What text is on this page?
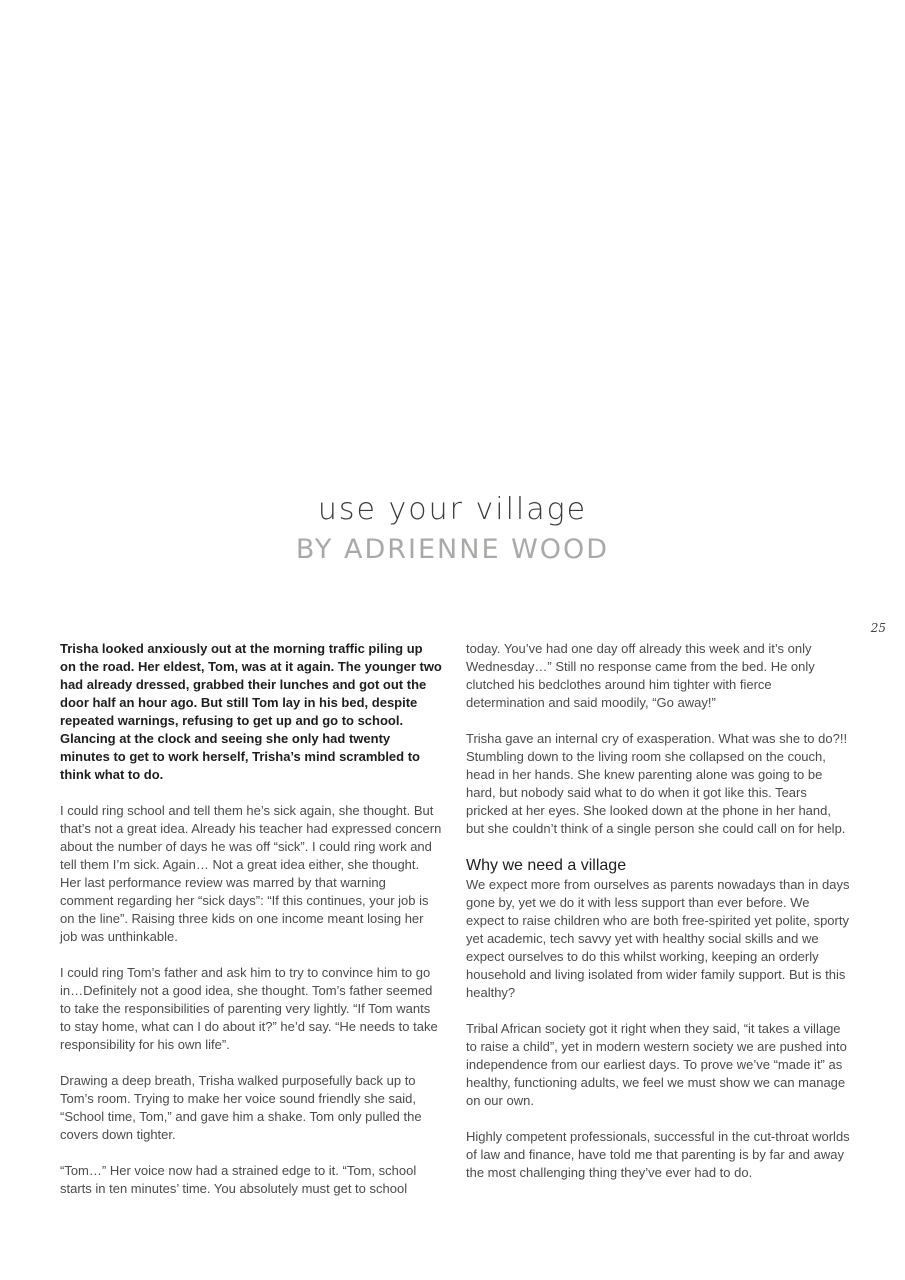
use your village
BY ADRIENNE WOOD
25

Trisha looked anxiously out at the morning traffic piling up on the road. Her eldest, Tom, was at it again. The younger two had already dressed, grabbed their lunches and got out the door half an hour ago. But still Tom lay in his bed, despite repeated warnings, refusing to get up and go to school. Glancing at the clock and seeing she only had twenty minutes to get to work herself, Trisha’s mind scrambled to think what to do.

I could ring school and tell them he’s sick again, she thought. But that’s not a great idea. Already his teacher had expressed concern about the number of days he was off “sick”. I could ring work and tell them I’m sick. Again… Not a great idea either, she thought. Her last performance review was marred by that warning comment regarding her “sick days”: “If this continues, your job is on the line”. Raising three kids on one income meant losing her job was unthinkable.

I could ring Tom’s father and ask him to try to convince him to go in…Definitely not a good idea, she thought. Tom’s father seemed to take the responsibilities of parenting very lightly. “If Tom wants to stay home, what can I do about it?” he’d say. “He needs to take responsibility for his own life”.

Drawing a deep breath, Trisha walked purposefully back up to Tom’s room. Trying to make her voice sound friendly she said, “School time, Tom,” and gave him a shake. Tom only pulled the covers down tighter.

“Tom…” Her voice now had a strained edge to it. “Tom, school starts in ten minutes’ time. You absolutely must get to school

today. You’ve had one day off already this week and it’s only Wednesday…” Still no response came from the bed. He only clutched his bedclothes around him tighter with fierce determination and said moodily, “Go away!”

Trisha gave an internal cry of exasperation. What was she to do?!! Stumbling down to the living room she collapsed on the couch, head in her hands. She knew parenting alone was going to be hard, but nobody said what to do when it got like this. Tears pricked at her eyes. She looked down at the phone in her hand, but she couldn’t think of a single person she could call on for help.

Why we need a village

We expect more from ourselves as parents nowadays than in days gone by, yet we do it with less support than ever before. We expect to raise children who are both free-spirited yet polite, sporty yet academic, tech savvy yet with healthy social skills and we expect ourselves to do this whilst working, keeping an orderly household and living isolated from wider family support. But is this healthy?

Tribal African society got it right when they said, “it takes a village to raise a child”, yet in modern western society we are pushed into independence from our earliest days. To prove we’ve “made it” as healthy, functioning adults, we feel we must show we can manage on our own.

Highly competent professionals, successful in the cut-throat worlds of law and finance, have told me that parenting is by far and away the most challenging thing they’ve ever had to do.
